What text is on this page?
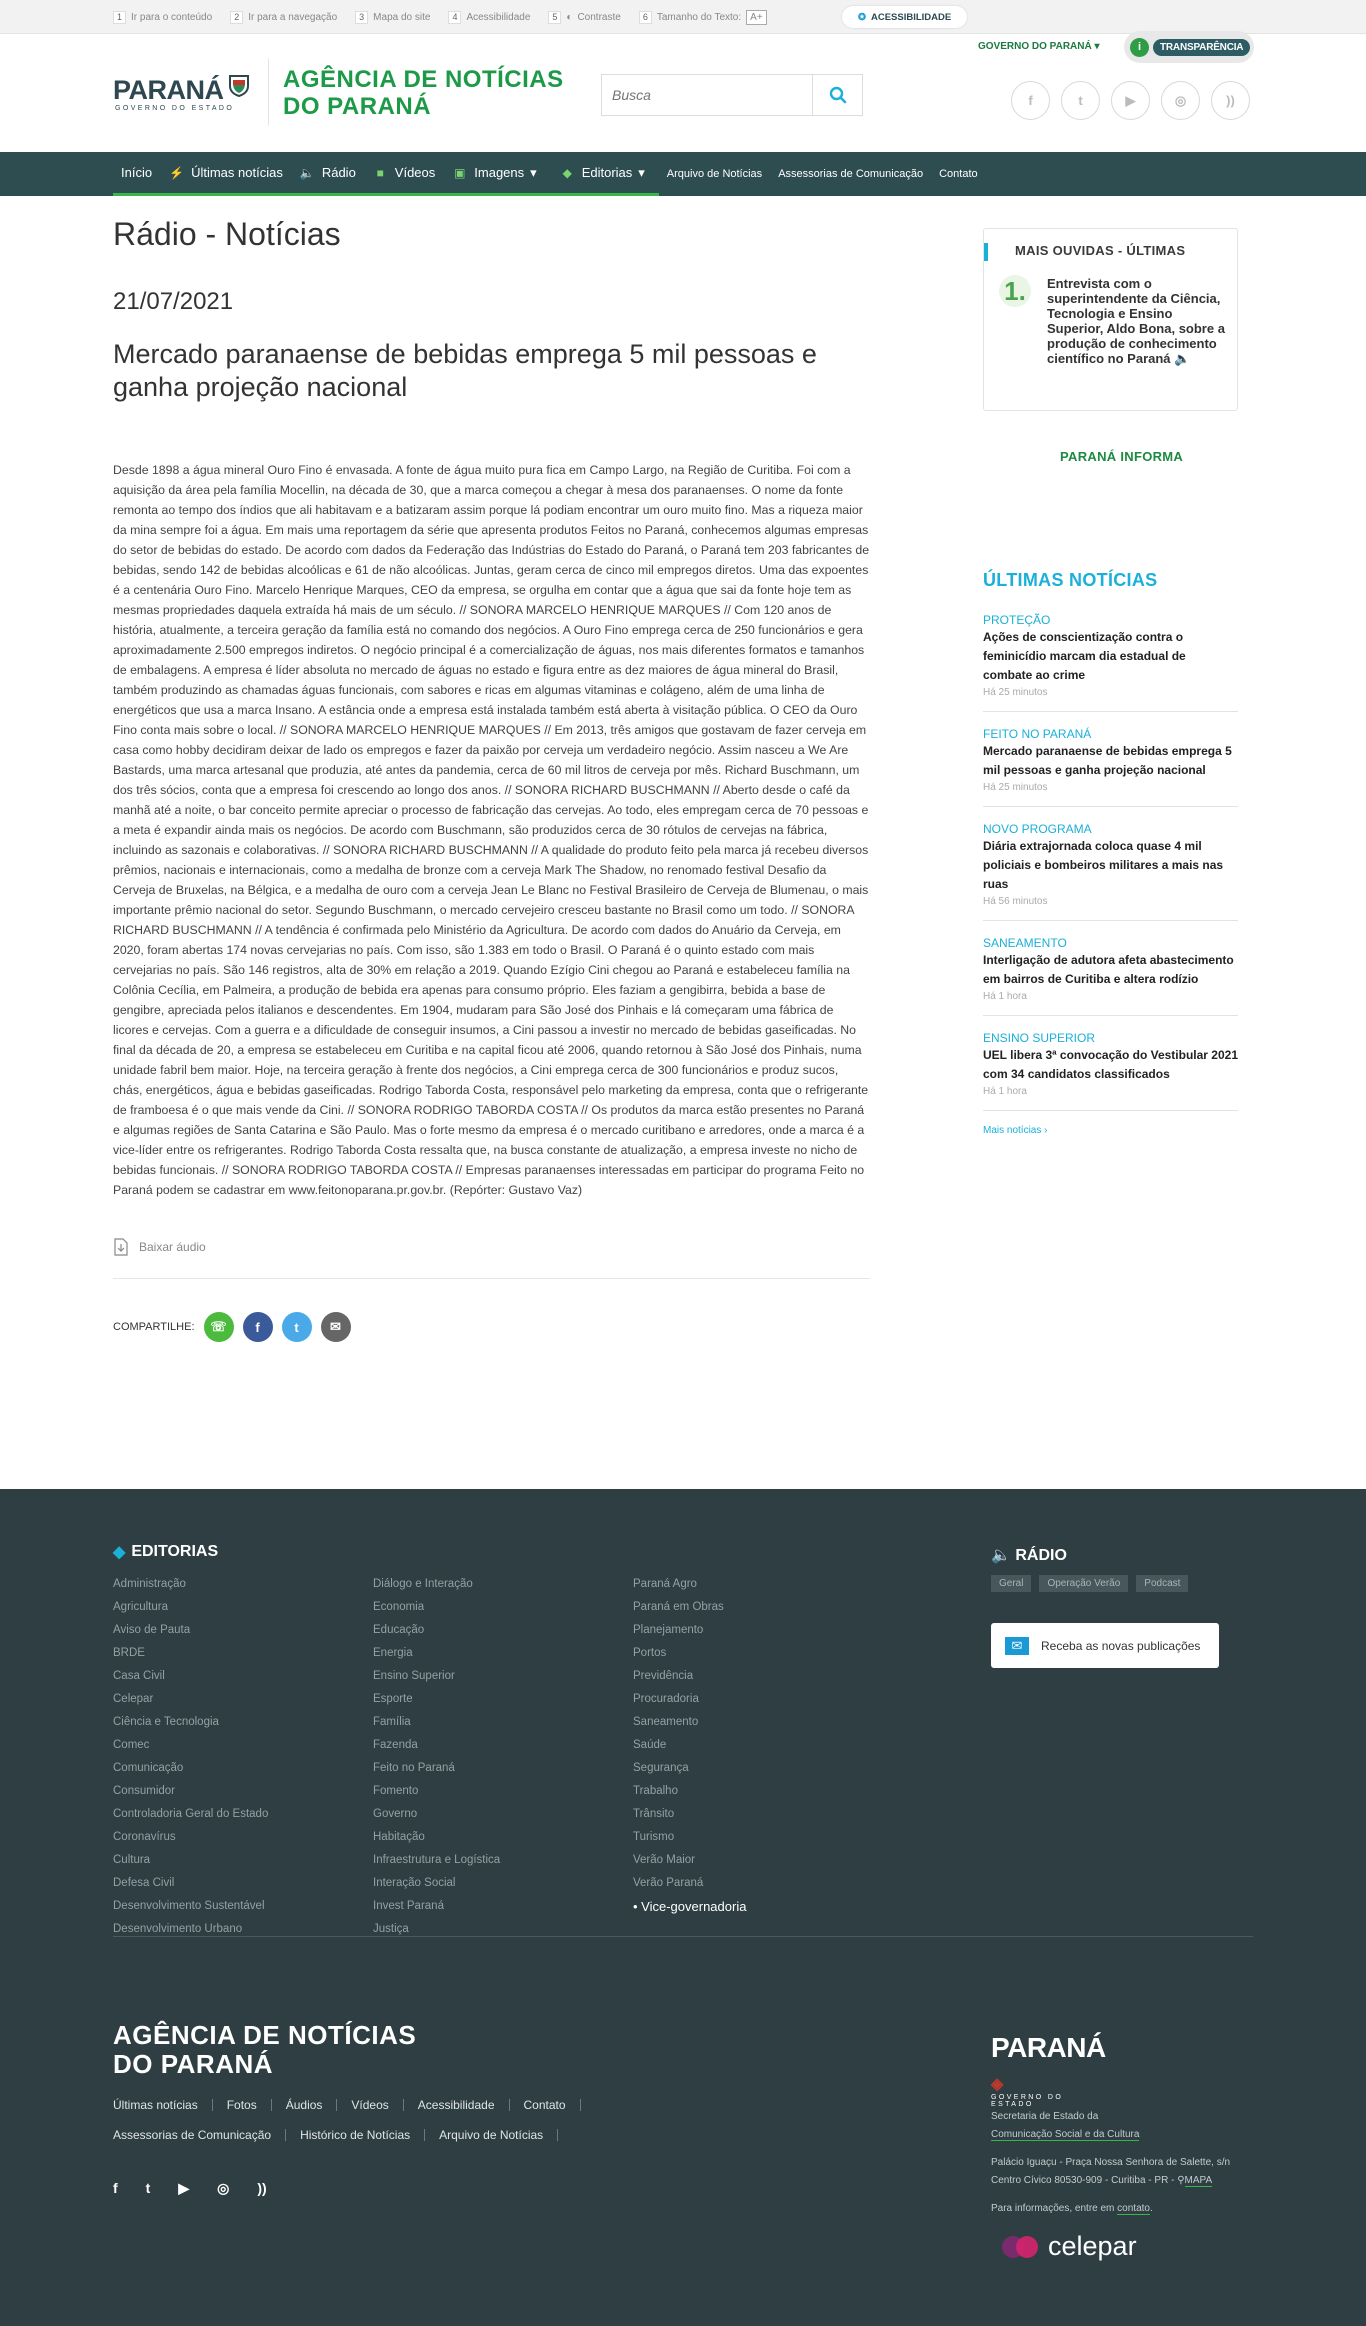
1 Ir para o conteúdo	2 Ir para a navegação	3 Mapa do site	4 Acessibilidade	5 ◐ Contraste	6 Tamanho do Texto: A+	✪ ACESSIBILIDADE
PARANÁ
GOVERNO DO ESTADO
AGÊNCIA DE NOTÍCIAS
DO PARANÁ
Busca
GOVERNO DO PARANÁ ▾	i	TRANSPARÊNCIA
f	t	▶	◎	))
Início ⚡ Últimas notícias 🔈 Rádio	■ Vídeos ▣ Imagens ▾	◆ Editorias ▾ Arquivo de Notícias Assessorias de Comunicação Contato
Rádio - Notícias
21/07/2021
Mercado paranaense de bebidas emprega 5 mil pessoas e ganha projeção nacional

Desde 1898 a água mineral Ouro Fino é envasada. A fonte de água muito pura fica em Campo Largo, na Região de Curitiba. Foi com a aquisição da área pela família Mocellin, na década de 30, que a marca começou a chegar à mesa dos paranaenses. O nome da fonte remonta ao tempo dos índios que ali habitavam e a batizaram assim porque lá podiam encontrar um ouro muito fino. Mas a riqueza maior da mina sempre foi a água. Em mais uma reportagem da série que apresenta produtos Feitos no Paraná, conhecemos algumas empresas do setor de bebidas do estado. De acordo com dados da Federação das Indústrias do Estado do Paraná, o Paraná tem 203 fabricantes de bebidas, sendo 142 de bebidas alcoólicas e 61 de não alcoólicas. Juntas, geram cerca de cinco mil empregos diretos. Uma das expoentes é a centenária Ouro Fino. Marcelo Henrique Marques, CEO da empresa, se orgulha em contar que a água que sai da fonte hoje tem as mesmas propriedades daquela extraída há mais de um século. // SONORA MARCELO HENRIQUE MARQUES // Com 120 anos de história, atualmente, a terceira geração da família está no comando dos negócios. A Ouro Fino emprega cerca de 250 funcionários e gera aproximadamente 2.500 empregos indiretos. O negócio principal é a comercialização de águas, nos mais diferentes formatos e tamanhos de embalagens. A empresa é líder absoluta no mercado de águas no estado e figura entre as dez maiores de água mineral do Brasil, também produzindo as chamadas águas funcionais, com sabores e ricas em algumas vitaminas e colágeno, além de uma linha de energéticos que usa a marca Insano. A estância onde a empresa está instalada também está aberta à visitação pública. O CEO da Ouro Fino conta mais sobre o local. // SONORA MARCELO HENRIQUE MARQUES // Em 2013, três amigos que gostavam de fazer cerveja em casa como hobby decidiram deixar de lado os empregos e fazer da paixão por cerveja um verdadeiro negócio. Assim nasceu a We Are Bastards, uma marca artesanal que produzia, até antes da pandemia, cerca de 60 mil litros de cerveja por mês. Richard Buschmann, um dos três sócios, conta que a empresa foi crescendo ao longo dos anos. // SONORA RICHARD BUSCHMANN // Aberto desde o café da manhã até a noite, o bar conceito permite apreciar o processo de fabricação das cervejas. Ao todo, eles empregam cerca de 70 pessoas e a meta é expandir ainda mais os negócios. De acordo com Buschmann, são produzidos cerca de 30 rótulos de cervejas na fábrica, incluindo as sazonais e colaborativas. // SONORA RICHARD BUSCHMANN // A qualidade do produto feito pela marca já recebeu diversos prêmios, nacionais e internacionais, como a medalha de bronze com a cerveja Mark The Shadow, no renomado festival Desafio da Cerveja de Bruxelas, na Bélgica, e a medalha de ouro com a cerveja Jean Le Blanc no Festival Brasileiro de Cerveja de Blumenau, o mais importante prêmio nacional do setor. Segundo Buschmann, o mercado cervejeiro cresceu bastante no Brasil como um todo. // SONORA RICHARD BUSCHMANN // A tendência é confirmada pelo Ministério da Agricultura. De acordo com dados do Anuário da Cerveja, em 2020, foram abertas 174 novas cervejarias no país. Com isso, são 1.383 em todo o Brasil. O Paraná é o quinto estado com mais cervejarias no país. São 146 registros, alta de 30% em relação a 2019. Quando Ezígio Cini chegou ao Paraná e estabeleceu família na Colônia Cecília, em Palmeira, a produção de bebida era apenas para consumo próprio. Eles faziam a gengibirra, bebida a base de gengibre, apreciada pelos italianos e descendentes. Em 1904, mudaram para São José dos Pinhais e lá começaram uma fábrica de licores e cervejas. Com a guerra e a dificuldade de conseguir insumos, a Cini passou a investir no mercado de bebidas gaseificadas. No final da década de 20, a empresa se estabeleceu em Curitiba e na capital ficou até 2006, quando retornou à São José dos Pinhais, numa unidade fabril bem maior. Hoje, na terceira geração à frente dos negócios, a Cini emprega cerca de 300 funcionários e produz sucos, chás, energéticos, água e bebidas gaseificadas. Rodrigo Taborda Costa, responsável pelo marketing da empresa, conta que o refrigerante de framboesa é o que mais vende da Cini. // SONORA RODRIGO TABORDA COSTA // Os produtos da marca estão presentes no Paraná e algumas regiões de Santa Catarina e São Paulo. Mas o forte mesmo da empresa é o mercado curitibano e arredores, onde a marca é a vice-líder entre os refrigerantes. Rodrigo Taborda Costa ressalta que, na busca constante de atualização, a empresa investe no nicho de bebidas funcionais. // SONORA RODRIGO TABORDA COSTA // Empresas paranaenses interessadas em participar do programa Feito no Paraná podem se cadastrar em www.feitonoparana.pr.gov.br. (Repórter: Gustavo Vaz)

Baixar áudio
COMPARTILHE:	☏	f	t	✉
MAIS OUVIDAS - ÚLTIMAS
1.	Entrevista com o superintendente da Ciência, Tecnologia e Ensino Superior, Aldo Bona, sobre a produção de conhecimento científico no Paraná 🔈
PARANÁ INFORMA
ÚLTIMAS NOTÍCIAS
PROTEÇÃO
Ações de conscientização contra o feminicídio marcam dia estadual de combate ao crime
Há 25 minutos
FEITO NO PARANÁ
Mercado paranaense de bebidas emprega 5 mil pessoas e ganha projeção nacional
Há 25 minutos
NOVO PROGRAMA
Diária extrajornada coloca quase 4 mil policiais e bombeiros militares a mais nas ruas
Há 56 minutos
SANEAMENTO
Interligação de adutora afeta abastecimento em bairros de Curitiba e altera rodízio
Há 1 hora
ENSINO SUPERIOR
UEL libera 3ª convocação do Vestibular 2021 com 34 candidatos classificados
Há 1 hora
Mais notícias ›
◆ EDITORIAS
Administração
Agricultura
Aviso de Pauta
BRDE
Casa Civil
Celepar
Ciência e Tecnologia
Comec
Comunicação
Consumidor
Controladoria Geral do Estado
Coronavírus
Cultura
Defesa Civil
Desenvolvimento Sustentável
Desenvolvimento Urbano
Diálogo e Interação
Economia
Educação
Energia
Ensino Superior
Esporte
Família
Fazenda
Feito no Paraná
Fomento
Governo
Habitação
Infraestrutura e Logística
Interação Social
Invest Paraná
Justiça
Paraná Agro
Paraná em Obras
Planejamento
Portos
Previdência
Procuradoria
Saneamento
Saúde
Segurança
Trabalho
Trânsito
Turismo
Verão Maior
Verão Paraná
• Vice-governadoria
🔈 RÁDIO
Geral	Operação Verão	Podcast
✉	Receba as novas publicações
AGÊNCIA DE NOTÍCIAS
DO PARANÁ
Últimas notícias	Fotos	Áudios	Vídeos	Acessibilidade	Contato
Assessorias de Comunicação	Histórico de Notícias	Arquivo de Notícias
f t ▶ ◎ ))
PARANÁ ◈
GOVERNO DO ESTADO
Secretaria de Estado da
Comunicação Social e da Cultura
Palácio Iguaçu - Praça Nossa Senhora de Salette, s/n
Centro Cívico 80530-909 - Curitiba - PR - ⚲MAPA
Para informações, entre em contato.
celepar
